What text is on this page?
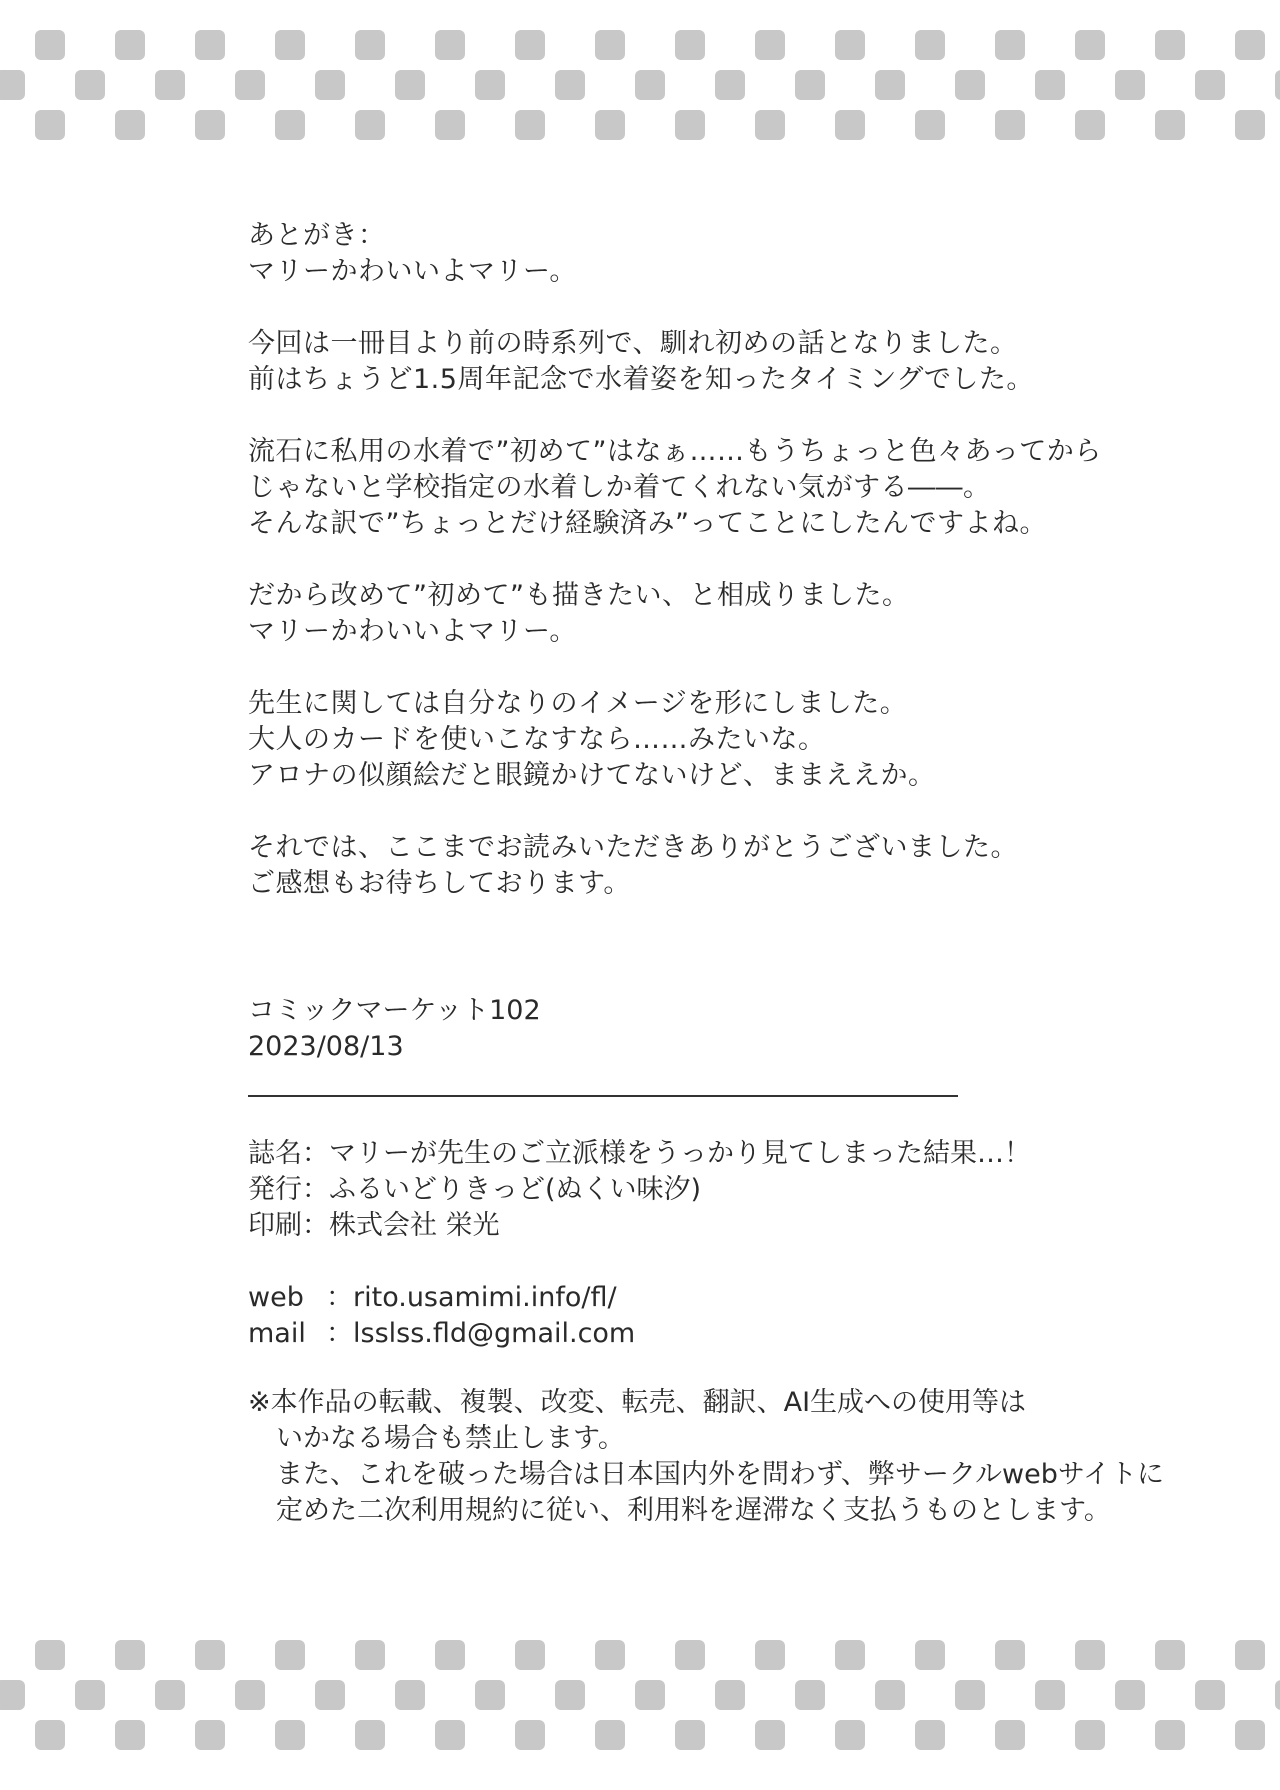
あとがき：
マリーかわいいよマリー。
今回は一冊目より前の時系列で、馴れ初めの話となりました。
前はちょうど1.5周年記念で水着姿を知ったタイミングでした。
流石に私用の水着で”初めて”はなぁ……もうちょっと色々あってから
じゃないと学校指定の水着しか着てくれない気がする――。
そんな訳で”ちょっとだけ経験済み”ってことにしたんですよね。
だから改めて”初めて”も描きたい、と相成りました。
マリーかわいいよマリー。
先生に関しては自分なりのイメージを形にしました。
大人のカードを使いこなすなら……みたいな。
アロナの似顔絵だと眼鏡かけてないけど、ままええか。
それでは、ここまでお読みいただきありがとうございました。
ご感想もお待ちしております。
コミックマーケット102
2023/08/13
誌名：マリーが先生のご立派様をうっかり見てしまった結果…！
発行：ふるいどりきっど(ぬくい味汐)
印刷：株式会社 栄光
web ：rito.usamimi.info/fl/
mail ：lsslss.fld@gmail.com
※本作品の転載、複製、改変、転売、翻訳、AI生成への使用等は
いかなる場合も禁止します。
また、これを破った場合は日本国内外を問わず、弊サークルwebサイトに
定めた二次利用規約に従い、利用料を遅滞なく支払うものとします。
